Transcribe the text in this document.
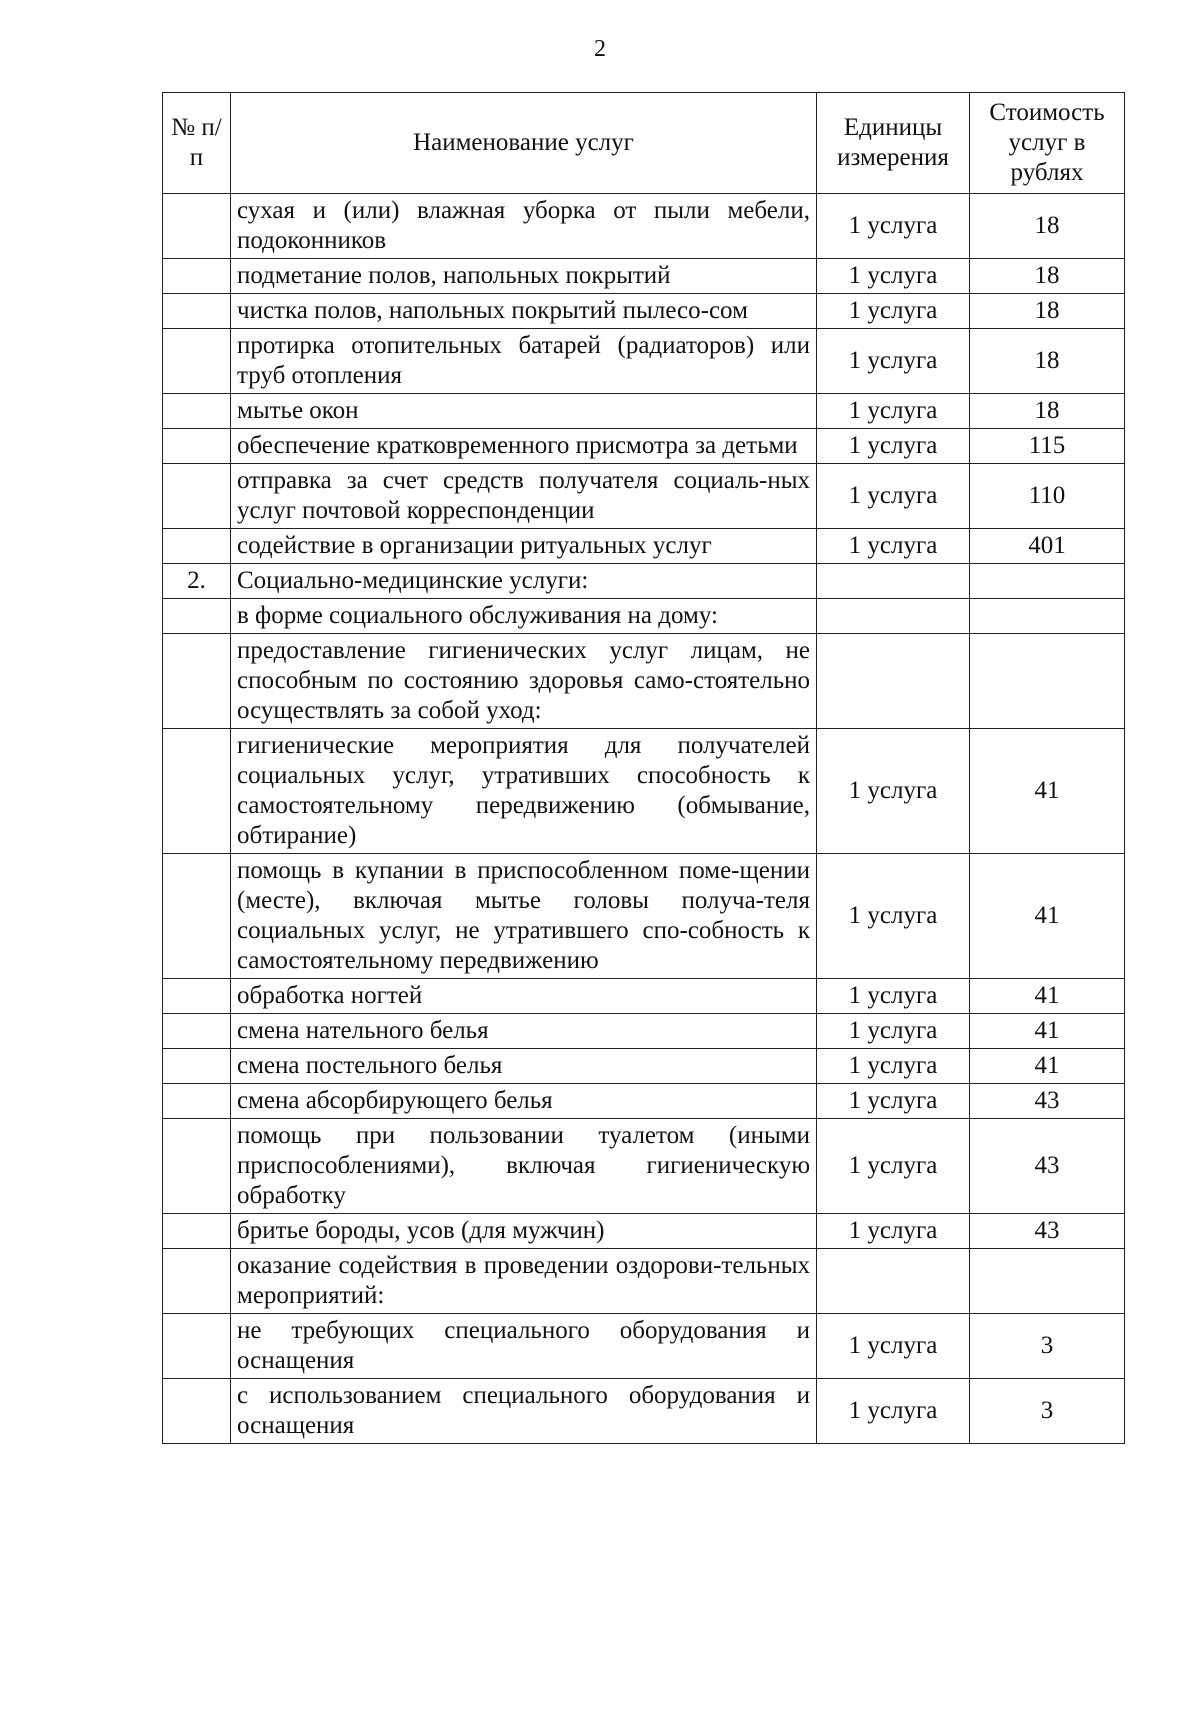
2
№ п/п	Наименование услуг	Единицы измерения	Стоимость услуг в рублях
	сухая и (или) влажная уборка от пыли мебели, подоконников	1 услуга	18
	подметание полов, напольных покрытий	1 услуга	18
	чистка полов, напольных покрытий пылесо-сом	1 услуга	18
	протирка отопительных батарей (радиаторов) или труб отопления	1 услуга	18
	мытье окон	1 услуга	18
	обеспечение кратковременного присмотра за детьми	1 услуга	115
	отправка за счет средств получателя социаль-ных услуг почтовой корреспонденции	1 услуга	110
	содействие в организации ритуальных услуг	1 услуга	401
2.	Социально-медицинские услуги:		
	в форме социального обслуживания на дому:		
	предоставление гигиенических услуг лицам, не способным по состоянию здоровья само-стоятельно осуществлять за собой уход:		
	гигиенические мероприятия для получателей социальных услуг, утративших способность к самостоятельному передвижению (обмывание, обтирание)	1 услуга	41
	помощь в купании в приспособленном поме-щении (месте), включая мытье головы получа-теля социальных услуг, не утратившего спо-собность к самостоятельному передвижению	1 услуга	41
	обработка ногтей	1 услуга	41
	смена нательного белья	1 услуга	41
	смена постельного белья	1 услуга	41
	смена абсорбирующего белья	1 услуга	43
	помощь при пользовании туалетом (иными приспособлениями), включая гигиеническую обработку	1 услуга	43
	бритье бороды, усов (для мужчин)	1 услуга	43
	оказание содействия в проведении оздорови-тельных мероприятий:		
	не требующих специального оборудования и оснащения	1 услуга	3
	с использованием специального оборудования и оснащения	1 услуга	3
